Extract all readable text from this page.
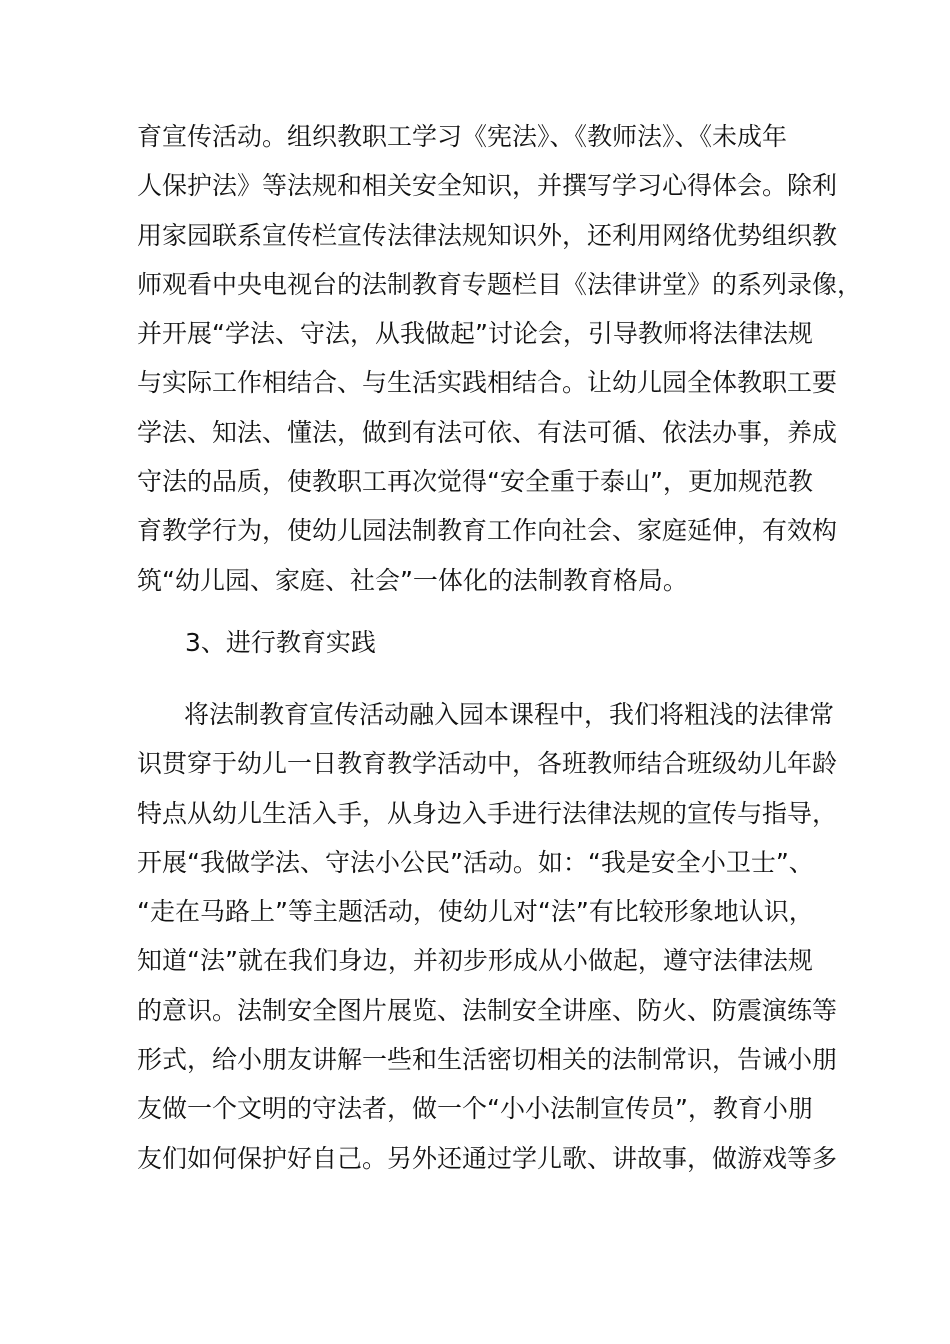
育宣传活动。组织教职工学习《宪法》、《教师法》、《未成年
人保护法》等法规和相关安全知识，并撰写学习心得体会。除利
用家园联系宣传栏宣传法律法规知识外，还利用网络优势组织教
师观看中央电视台的法制教育专题栏目《法律讲堂》的系列录像，
并开展“学法、守法，从我做起”讨论会，引导教师将法律法规
与实际工作相结合、与生活实践相结合。让幼儿园全体教职工要
学法、知法、懂法，做到有法可依、有法可循、依法办事，养成
守法的品质，使教职工再次觉得“安全重于泰山”，更加规范教
育教学行为，使幼儿园法制教育工作向社会、家庭延伸，有效构
筑“幼儿园、家庭、社会”一体化的法制教育格局。
3、进行教育实践
将法制教育宣传活动融入园本课程中，我们将粗浅的法律常
识贯穿于幼儿一日教育教学活动中，各班教师结合班级幼儿年龄
特点从幼儿生活入手，从身边入手进行法律法规的宣传与指导，
开展“我做学法、守法小公民”活动。如：“我是安全小卫士”、
“走在马路上”等主题活动，使幼儿对“法”有比较形象地认识，
知道“法”就在我们身边，并初步形成从小做起，遵守法律法规
的意识。法制安全图片展览、法制安全讲座、防火、防震演练等
形式，给小朋友讲解一些和生活密切相关的法制常识，告诫小朋
友做一个文明的守法者，做一个“小小法制宣传员”，教育小朋
友们如何保护好自己。另外还通过学儿歌、讲故事，做游戏等多
